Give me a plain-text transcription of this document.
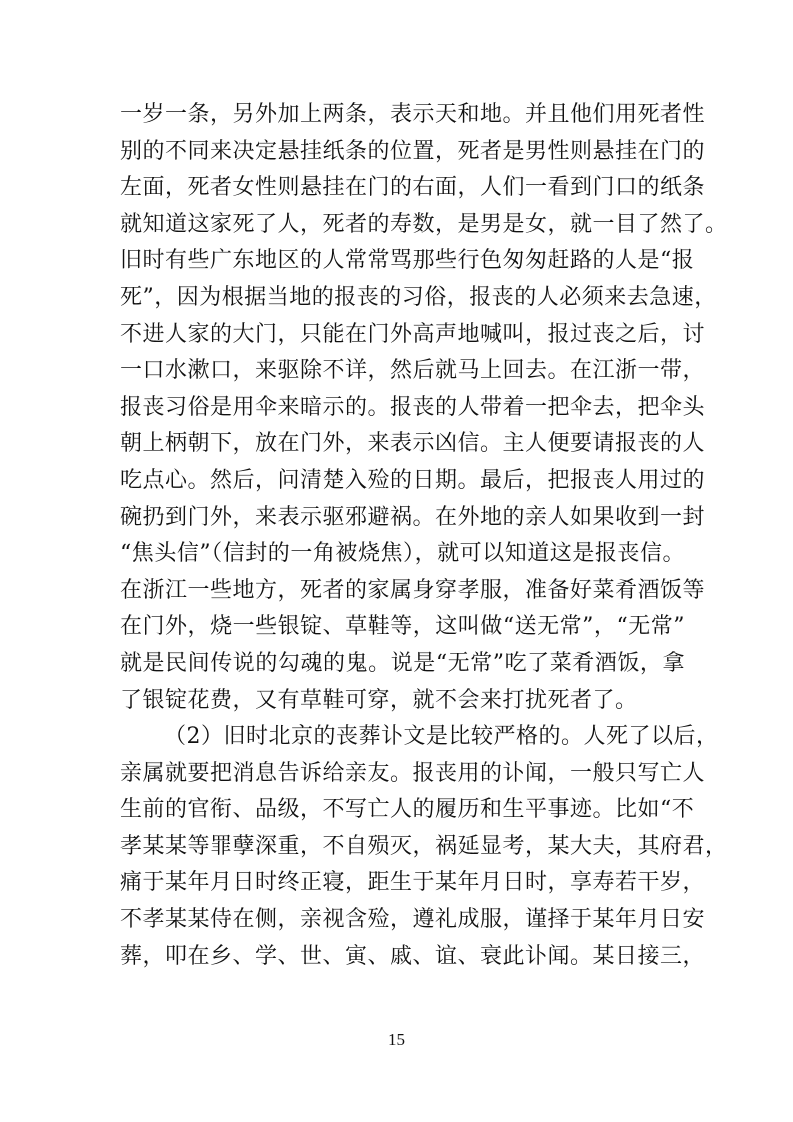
一岁一条，另外加上两条，表示天和地。并且他们用死者性
别的不同来决定悬挂纸条的位置，死者是男性则悬挂在门的
左面，死者女性则悬挂在门的右面，人们一看到门口的纸条
就知道这家死了人，死者的寿数，是男是女，就一目了然了。
旧时有些广东地区的人常常骂那些行色匆匆赶路的人是“报
死”，因为根据当地的报丧的习俗，报丧的人必须来去急速，
不进人家的大门，只能在门外高声地喊叫，报过丧之后，讨
一口水漱口，来驱除不详，然后就马上回去。在江浙一带，
报丧习俗是用伞来暗示的。报丧的人带着一把伞去，把伞头
朝上柄朝下，放在门外，来表示凶信。主人便要请报丧的人
吃点心。然后，问清楚入殓的日期。最后，把报丧人用过的
碗扔到门外，来表示驱邪避祸。在外地的亲人如果收到一封
“焦头信”（信封的一角被烧焦），就可以知道这是报丧信。
在浙江一些地方，死者的家属身穿孝服，准备好菜肴酒饭等
在门外，烧一些银锭、草鞋等，这叫做“送无常”，“无常”
就是民间传说的勾魂的鬼。说是“无常”吃了菜肴酒饭，拿
了银锭花费，又有草鞋可穿，就不会来打扰死者了。
（2）旧时北京的丧葬讣文是比较严格的。人死了以后，
亲属就要把消息告诉给亲友。报丧用的讣闻，一般只写亡人
生前的官衔、品级，不写亡人的履历和生平事迹。比如“不
孝某某等罪孽深重，不自殒灭，祸延显考，某大夫，其府君，
痛于某年月日时终正寝，距生于某年月日时，享寿若干岁，
不孝某某侍在侧，亲视含殓，遵礼成服，谨择于某年月日安
葬，叩在乡、学、世、寅、戚、谊、衰此讣闻。某日接三，
15
